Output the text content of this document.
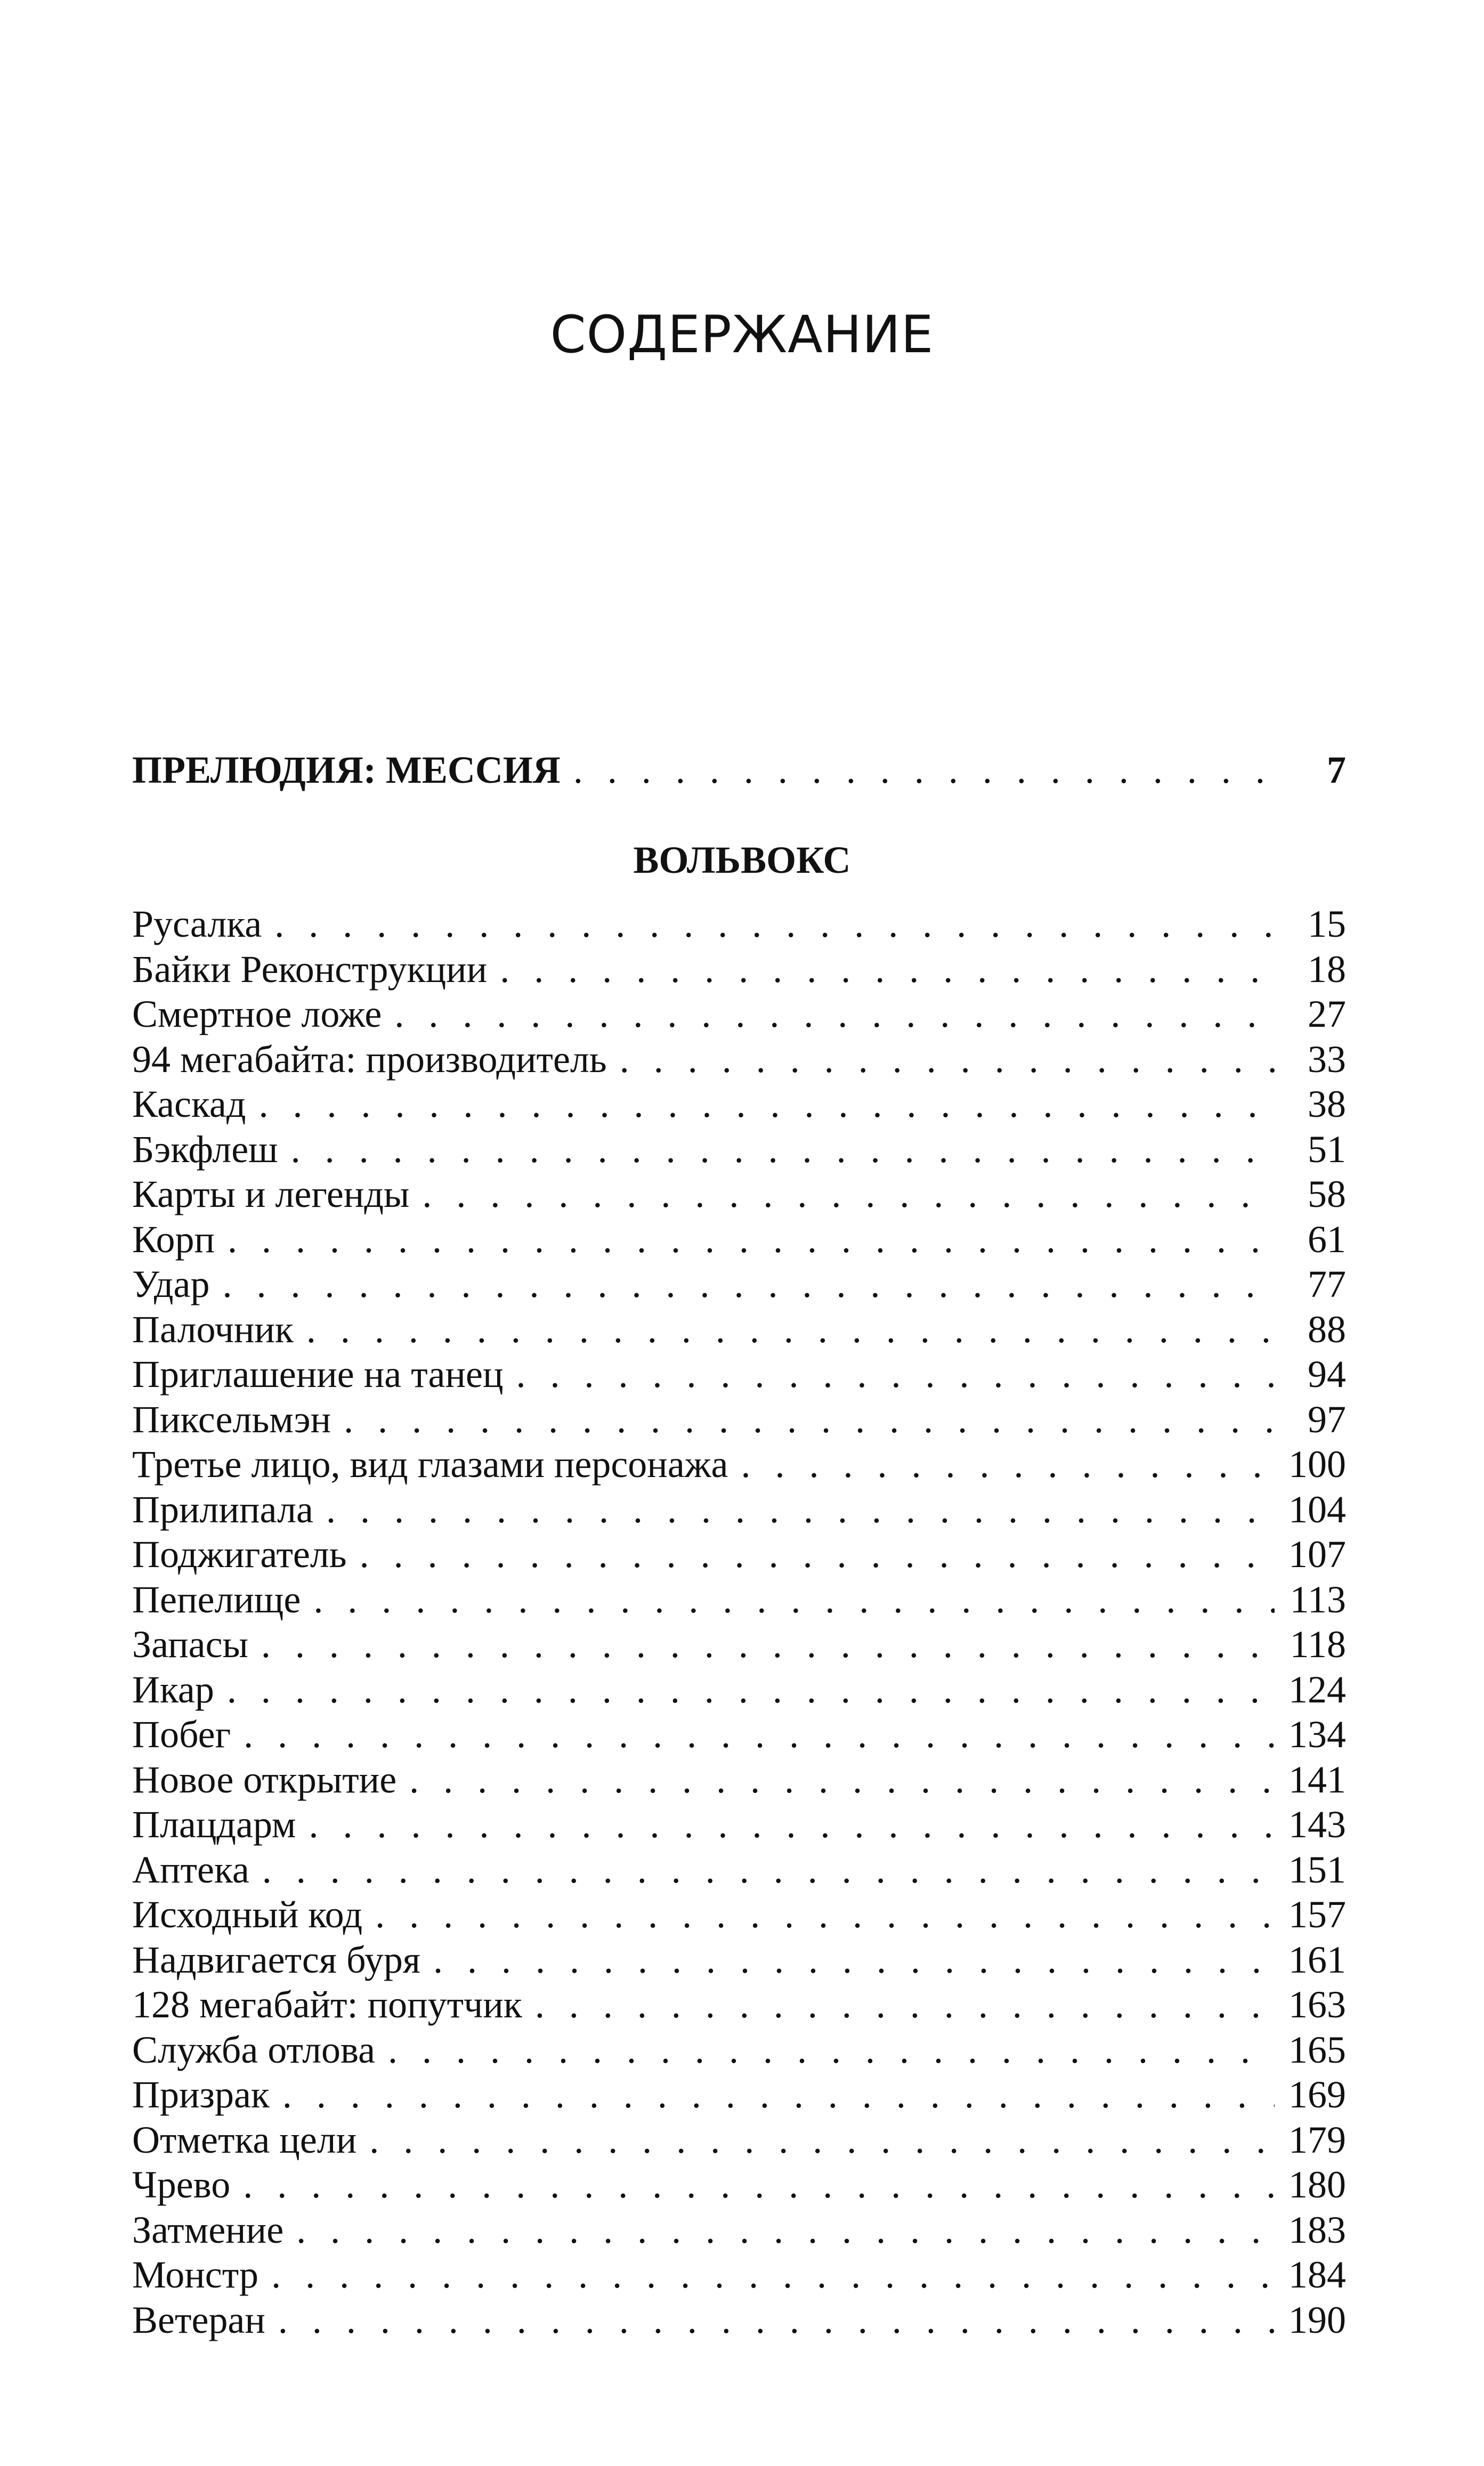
СОДЕРЖАНИЕ
ПРЕЛЮДИЯ: МЕССИЯ . . .	7
ВОЛЬВОКС
Русалка . . .	15
Байки Реконструкции . . .	18
Смертное ложе . . .	27
94 мегабайта: производитель . . .	33
Каскад . . .	38
Бэкфлеш . . .	51
Карты и легенды . . .	58
Корп . . .	61
Удар . . .	77
Палочник . . .	88
Приглашение на танец . . .	94
Пиксельмэн . . .	97
Третье лицо, вид глазами персонажа . . .	100
Прилипала . . .	104
Поджигатель . . .	107
Пепелище . . .	113
Запасы . . .	118
Икар . . .	124
Побег . . .	134
Новое открытие . . .	141
Плацдарм . . .	143
Аптека . . .	151
Исходный код . . .	157
Надвигается буря . . .	161
128 мегабайт: попутчик . . .	163
Служба отлова . . .	165
Призрак . . .	169
Отметка цели . . .	179
Чрево . . .	180
Затмение . . .	183
Монстр . . .	184
Ветеран . . .	190
